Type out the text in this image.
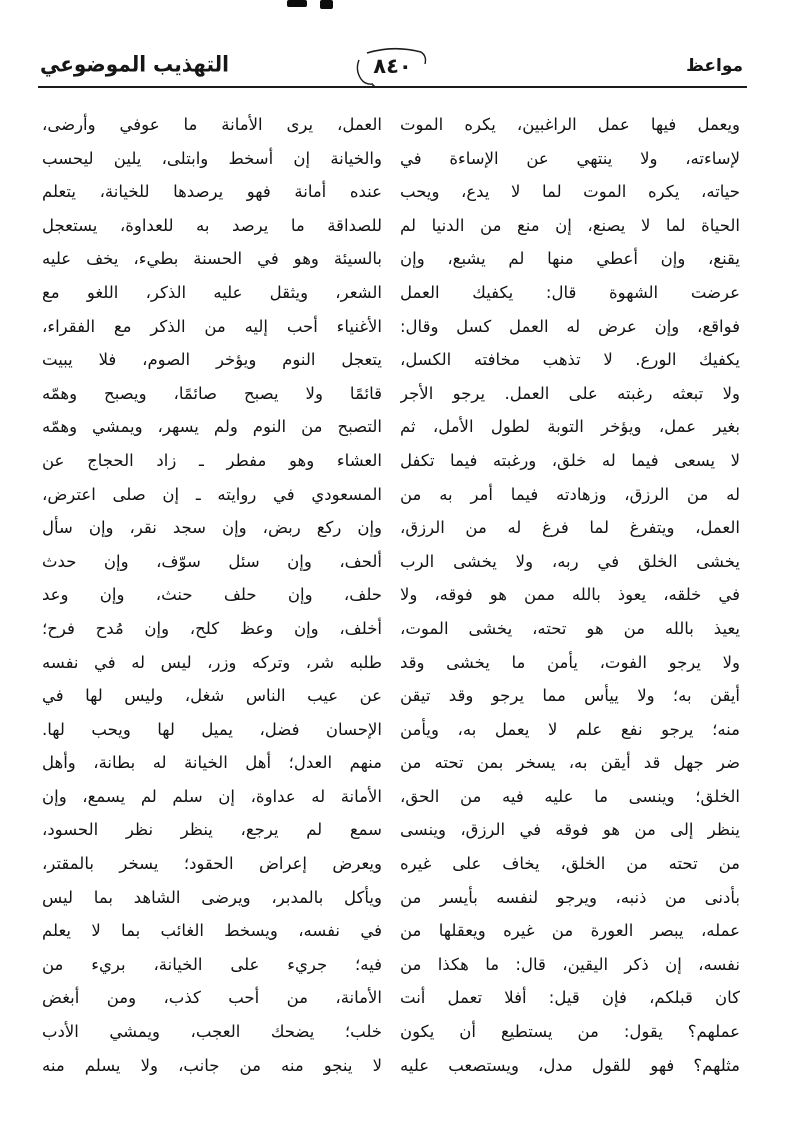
مواعظ
٨٤٠
التهذيب الموضوعي
ويعمل فيها عمل الراغبين، يكره الموت
لإساءته، ولا ينتهي عن الإساءة في
حياته، يكره الموت لما لا يدع، ويحب
الحياة لما لا يصنع، إن منع من الدنيا لم
يقنع، وإن أعطي منها لم يشبع، وإن
عرضت الشهوة قال: يكفيك العمل
فواقع، وإن عرض له العمل كسل وقال:
يكفيك الورع. لا تذهب مخافته الكسل،
ولا تبعثه رغبته على العمل. يرجو الأجر
بغير عمل، ويؤخر التوبة لطول الأمل، ثم
لا يسعى فيما له خلق، ورغبته فيما تكفل
له من الرزق، وزهادته فيما أمر به من
العمل، ويتفرغ لما فرغ له من الرزق،
يخشى الخلق في ربه، ولا يخشى الرب
في خلقه، يعوذ بالله ممن هو فوقه، ولا
يعيذ بالله من هو تحته، يخشى الموت،
ولا يرجو الفوت، يأمن ما يخشى وقد
أيقن به؛ ولا ييأس مما يرجو وقد تيقن
منه؛ يرجو نفع علم لا يعمل به، ويأمن
ضر جهل قد أيقن به، يسخر بمن تحته من
الخلق؛ وينسى ما عليه فيه من الحق،
ينظر إلى من هو فوقه في الرزق، وينسى
من تحته من الخلق، يخاف على غيره
بأدنى من ذنبه، ويرجو لنفسه بأيسر من
عمله، يبصر العورة من غيره ويعقلها من
نفسه، إن ذكر اليقين، قال: ما هكذا من
كان قبلكم، فإن قيل: أفلا تعمل أنت
عملهم؟ يقول: من يستطيع أن يكون
مثلهم؟ فهو للقول مدل، ويستصعب عليه
العمل، يرى الأمانة ما عوفي وأرضى،
والخيانة إن أسخط وابتلى، يلين ليحسب
عنده أمانة فهو يرصدها للخيانة، يتعلم
للصداقة ما يرصد به للعداوة، يستعجل
بالسيئة وهو في الحسنة بطيء، يخف عليه
الشعر، ويثقل عليه الذكر، اللغو مع
الأغنياء أحب إليه من الذكر مع الفقراء،
يتعجل النوم ويؤخر الصوم، فلا يبيت
قائمًا ولا يصبح صائمًا، ويصبح وهمّه
التصبح من النوم ولم يسهر، ويمشي وهمّه
العشاء وهو مفطر ـ زاد الحجاج عن
المسعودي في روايته ـ إن صلى اعترض،
وإن ركع ربض، وإن سجد نقر، وإن سأل
ألحف، وإن سئل سوّف، وإن حدث
حلف، وإن حلف حنث، وإن وعد
أخلف، وإن وعظ كلح، وإن مُدح فرح؛
طلبه شر، وتركه وزر، ليس له في نفسه
عن عيب الناس شغل، وليس لها في
الإحسان فضل، يميل لها ويحب لها.
منهم العدل؛ أهل الخيانة له بطانة، وأهل
الأمانة له عداوة، إن سلم لم يسمع، وإن
سمع لم يرجع، ينظر نظر الحسود،
ويعرض إعراض الحقود؛ يسخر بالمقتر،
ويأكل بالمدبر، ويرضى الشاهد بما ليس
في نفسه، ويسخط الغائب بما لا يعلم
فيه؛ جريء على الخيانة، بريء من
الأمانة، من أحب كذب، ومن أبغض
خلب؛ يضحك العجب، ويمشي الأدب
لا ينجو منه من جانب، ولا يسلم منه
